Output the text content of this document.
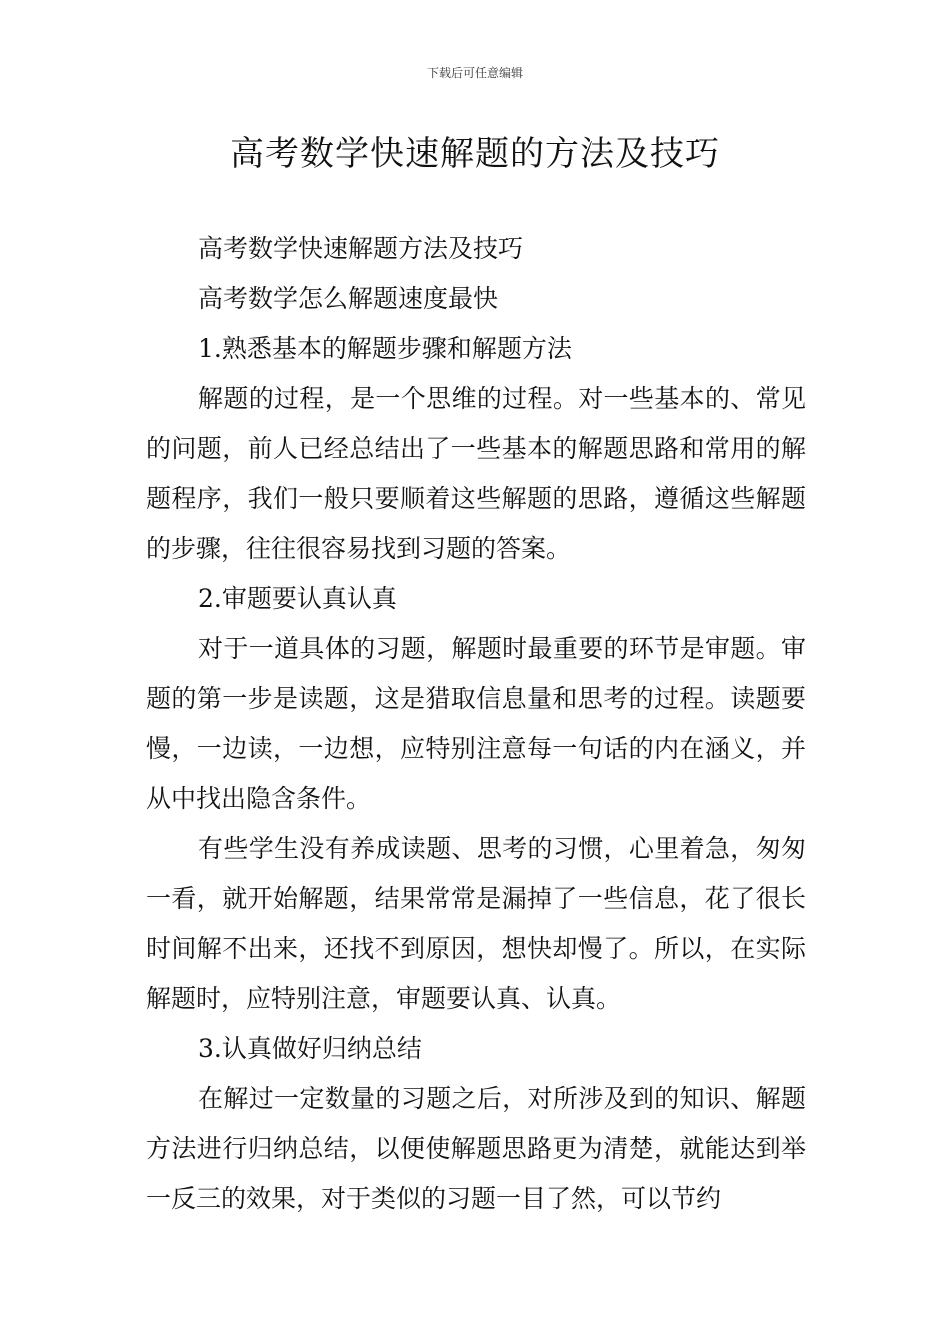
下载后可任意编辑
高考数学快速解题的方法及技巧

高考数学快速解题方法及技巧

高考数学怎么解题速度最快

1.熟悉基本的解题步骤和解题方法

解题的过程，是一个思维的过程。对一些基本的、常见的问题，前人已经总结出了一些基本的解题思路和常用的解题程序，我们一般只要顺着这些解题的思路，遵循这些解题的步骤，往往很容易找到习题的答案。

2.审题要认真认真

对于一道具体的习题，解题时最重要的环节是审题。审题的第一步是读题，这是猎取信息量和思考的过程。读题要慢，一边读，一边想，应特别注意每一句话的内在涵义，并从中找出隐含条件。

有些学生没有养成读题、思考的习惯，心里着急，匆匆一看，就开始解题，结果常常是漏掉了一些信息，花了很长时间解不出来，还找不到原因，想快却慢了。所以，在实际解题时，应特别注意，审题要认真、认真。

3.认真做好归纳总结

在解过一定数量的习题之后，对所涉及到的知识、解题方法进行归纳总结，以便使解题思路更为清楚，就能达到举一反三的效果，对于类似的习题一目了然，可以节约
